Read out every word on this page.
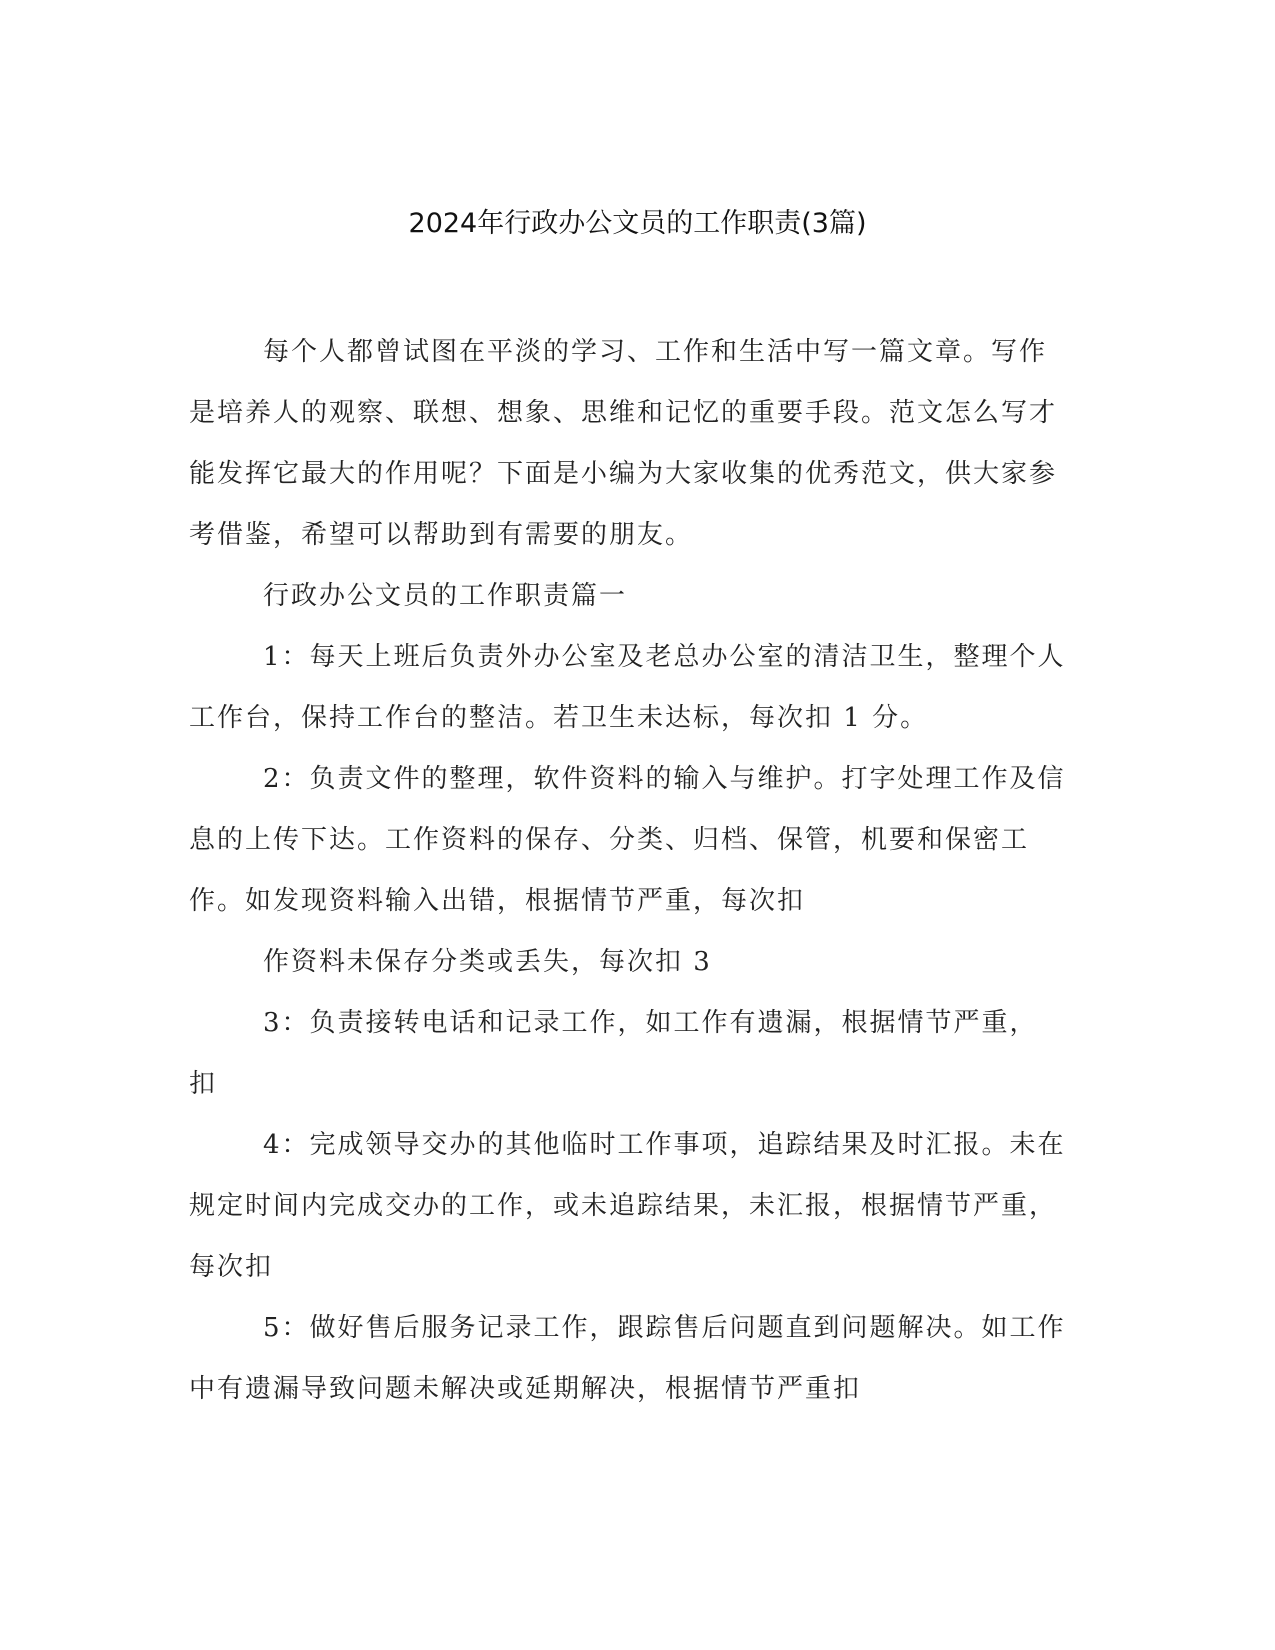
2024年行政办公文员的工作职责(3篇)

每个人都曾试图在平淡的学习、工作和生活中写一篇文章。写作是培养人的观察、联想、想象、思维和记忆的重要手段。范文怎么写才能发挥它最大的作用呢？下面是小编为大家收集的优秀范文，供大家参考借鉴，希望可以帮助到有需要的朋友。

行政办公文员的工作职责篇一

1：每天上班后负责外办公室及老总办公室的清洁卫生，整理个人工作台，保持工作台的整洁。若卫生未达标，每次扣 1 分。

2：负责文件的整理，软件资料的输入与维护。打字处理工作及信息的上传下达。工作资料的保存、分类、归档、保管，机要和保密工作。如发现资料输入出错，根据情节严重，每次扣

作资料未保存分类或丢失，每次扣 3

3：负责接转电话和记录工作，如工作有遗漏，根据情节严重，

扣

4：完成领导交办的其他临时工作事项，追踪结果及时汇报。未在规定时间内完成交办的工作，或未追踪结果，未汇报，根据情节严重，每次扣

5：做好售后服务记录工作，跟踪售后问题直到问题解决。如工作中有遗漏导致问题未解决或延期解决，根据情节严重扣
